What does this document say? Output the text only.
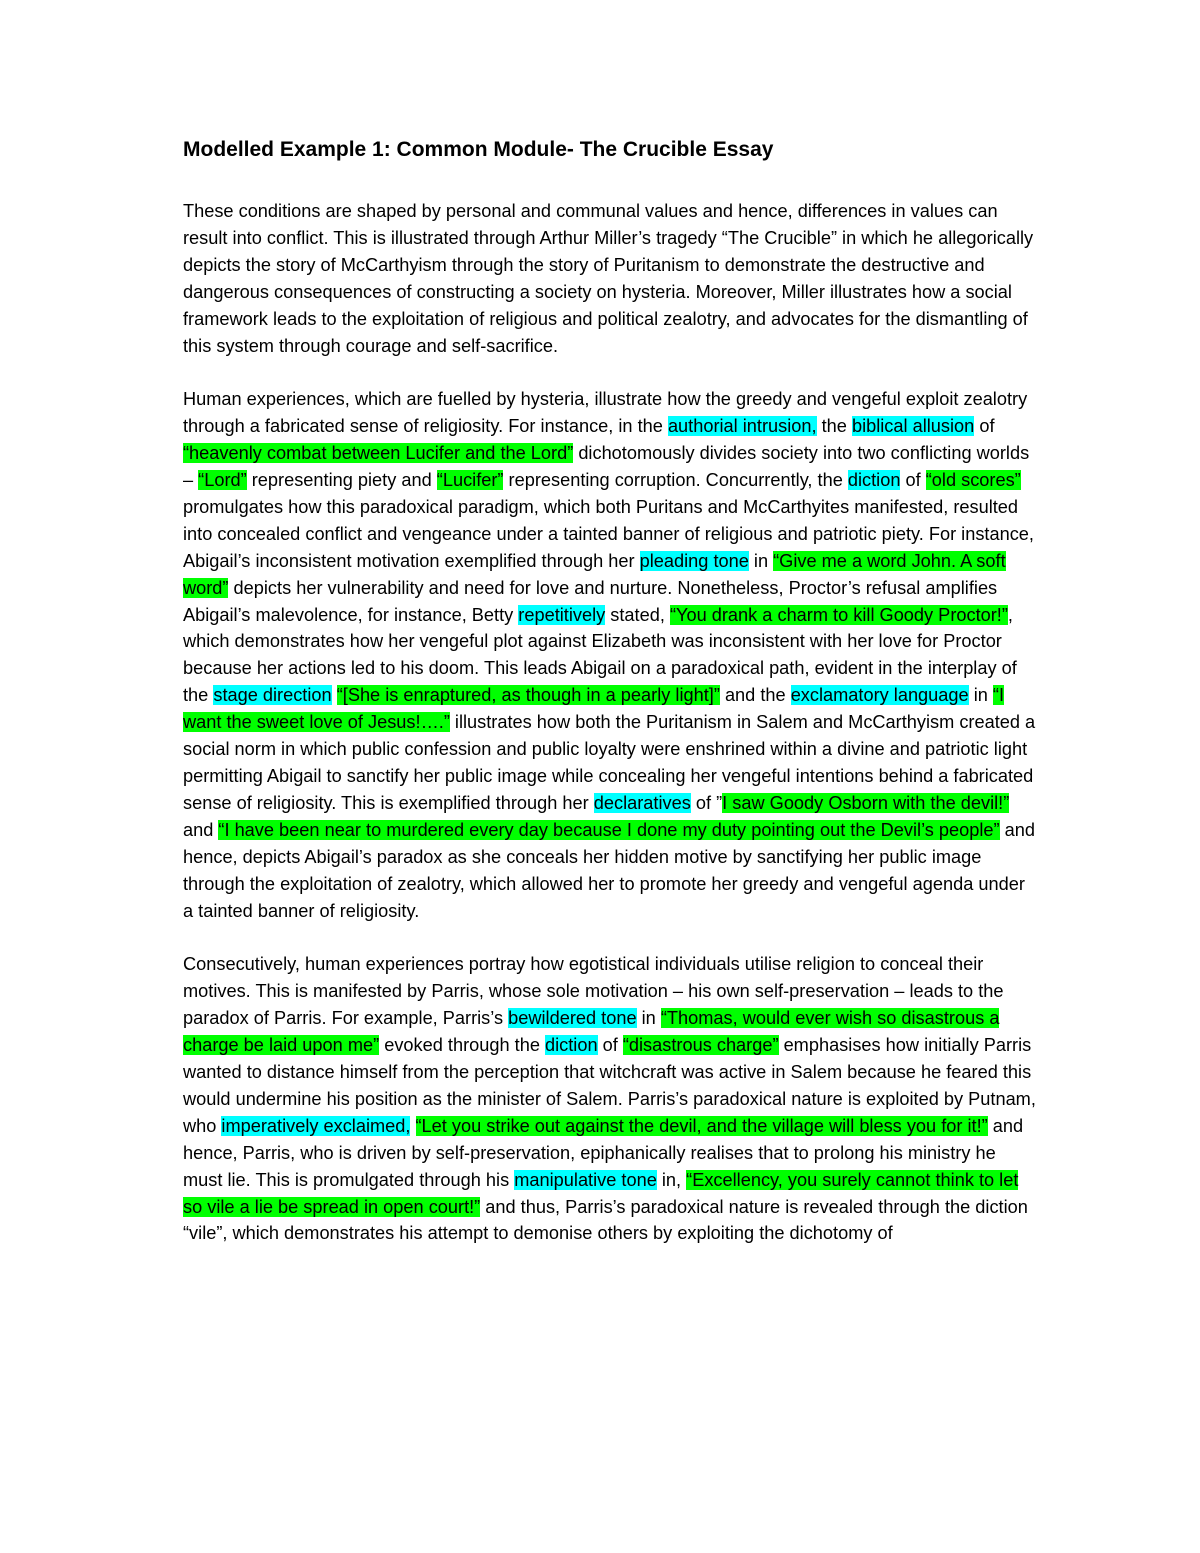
Modelled Example 1: Common Module- The Crucible Essay

These conditions are shaped by personal and communal values and hence, differences in values can result into conflict. This is illustrated through Arthur Miller’s tragedy “The Crucible” in which he allegorically depicts the story of McCarthyism through the story of Puritanism to demonstrate the destructive and dangerous consequences of constructing a society on hysteria. Moreover, Miller illustrates how a social framework leads to the exploitation of religious and political zealotry, and advocates for the dismantling of this system through courage and self-sacrifice.

Human experiences, which are fuelled by hysteria, illustrate how the greedy and vengeful exploit zealotry through a fabricated sense of religiosity. For instance, in the authorial intrusion, the biblical allusion of “heavenly combat between Lucifer and the Lord” dichotomously divides society into two conflicting worlds – “Lord” representing piety and “Lucifer” representing corruption. Concurrently, the diction of “old scores” promulgates how this paradoxical paradigm, which both Puritans and McCarthyites manifested, resulted into concealed conflict and vengeance under a tainted banner of religious and patriotic piety. For instance, Abigail’s inconsistent motivation exemplified through her pleading tone in “Give me a word John. A soft word” depicts her vulnerability and need for love and nurture. Nonetheless, Proctor’s refusal amplifies Abigail’s malevolence, for instance, Betty repetitively stated, “You drank a charm to kill Goody Proctor!”, which demonstrates how her vengeful plot against Elizabeth was inconsistent with her love for Proctor because her actions led to his doom. This leads Abigail on a paradoxical path, evident in the interplay of the stage direction “[She is enraptured, as though in a pearly light]” and the exclamatory language in “I want the sweet love of Jesus!….” illustrates how both the Puritanism in Salem and McCarthyism created a social norm in which public confession and public loyalty were enshrined within a divine and patriotic light permitting Abigail to sanctify her public image while concealing her vengeful intentions behind a fabricated sense of religiosity. This is exemplified through her declaratives of ”I saw Goody Osborn with the devil!” and “I have been near to murdered every day because I done my duty pointing out the Devil’s people” and hence, depicts Abigail’s paradox as she conceals her hidden motive by sanctifying her public image through the exploitation of zealotry, which allowed her to promote her greedy and vengeful agenda under a tainted banner of religiosity.

Consecutively, human experiences portray how egotistical individuals utilise religion to conceal their motives. This is manifested by Parris, whose sole motivation – his own self-preservation – leads to the paradox of Parris. For example, Parris’s bewildered tone in “Thomas, would ever wish so disastrous a charge be laid upon me” evoked through the diction of “disastrous charge” emphasises how initially Parris wanted to distance himself from the perception that witchcraft was active in Salem because he feared this would undermine his position as the minister of Salem. Parris’s paradoxical nature is exploited by Putnam, who imperatively exclaimed, “Let you strike out against the devil, and the village will bless you for it!” and hence, Parris, who is driven by self-preservation, epiphanically realises that to prolong his ministry he must lie. This is promulgated through his manipulative tone in, “Excellency, you surely cannot think to let so vile a lie be spread in open court!” and thus, Parris’s paradoxical nature is revealed through the diction “vile”, which demonstrates his attempt to demonise others by exploiting the dichotomy of
